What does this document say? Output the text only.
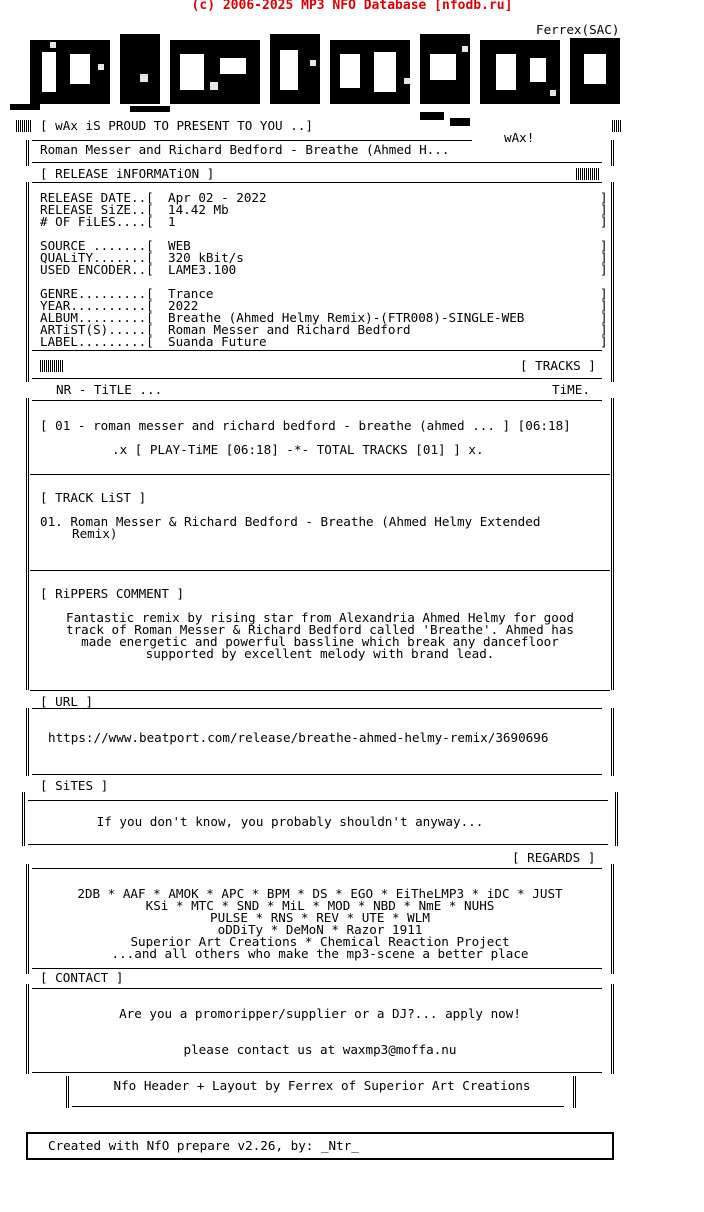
(c) 2006-2025 MP3 NFO Database [nfodb.ru]
Ferrex(SAC)
[ wAx iS PROUD TO PRESENT TO YOU ..]
wAx!
Roman Messer and Richard Bedford - Breathe (Ahmed H...
[ RELEASE iNFORMATiON ]
RELEASE DATE..[ Apr 02 - 2022
RELEASE SiZE..[ 14.42 Mb
# OF FiLES....[ 1
SOURCE .......[ WEB
QUALiTY.......[ 320 kBit/s
USED ENCODER..[ LAME3.100
GENRE.........[ Trance
YEAR..........[ 2022
ALBUM.........[ Breathe (Ahmed Helmy Remix)-(FTR008)-SINGLE-WEB
ARTiST(S).....[ Roman Messer and Richard Bedford
LABEL.........[ Suanda Future
]
]
]
]
]
]
]
]
]
]
]
[ TRACKS ]
NR - TiTLE ...	TiME.
[ 01 - roman messer and richard bedford - breathe (ahmed ... ] [06:18]
.x [ PLAY-TiME [06:18] -*- TOTAL TRACKS [01] ] x.
[ TRACK LiST ]
01. Roman Messer & Richard Bedford - Breathe (Ahmed Helmy Extended
Remix)
[ RiPPERS COMMENT ]
Fantastic remix by rising star from Alexandria Ahmed Helmy for good
track of Roman Messer & Richard Bedford called 'Breathe'. Ahmed has
made energetic and powerful bassline which break any dancefloor
supported by excellent melody with brand lead.
[ URL ]
https://www.beatport.com/release/breathe-ahmed-helmy-remix/3690696
[ SiTES ]
If you don't know, you probably shouldn't anyway...
[ REGARDS ]
2DB * AAF * AMOK * APC * BPM * DS * EGO * EiTheLMP3 * iDC * JUST
KSi * MTC * SND * MiL * MOD * NBD * NmE * NUHS
PULSE * RNS * REV * UTE * WLM
oDDiTy * DeMoN * Razor 1911
Superior Art Creations * Chemical Reaction Project
...and all others who make the mp3-scene a better place
[ CONTACT ]
Are you a promoripper/supplier or a DJ?... apply now!
please contact us at waxmp3@moffa.nu
Nfo Header + Layout by Ferrex of Superior Art Creations
Created with NfO prepare v2.26, by: _Ntr_
